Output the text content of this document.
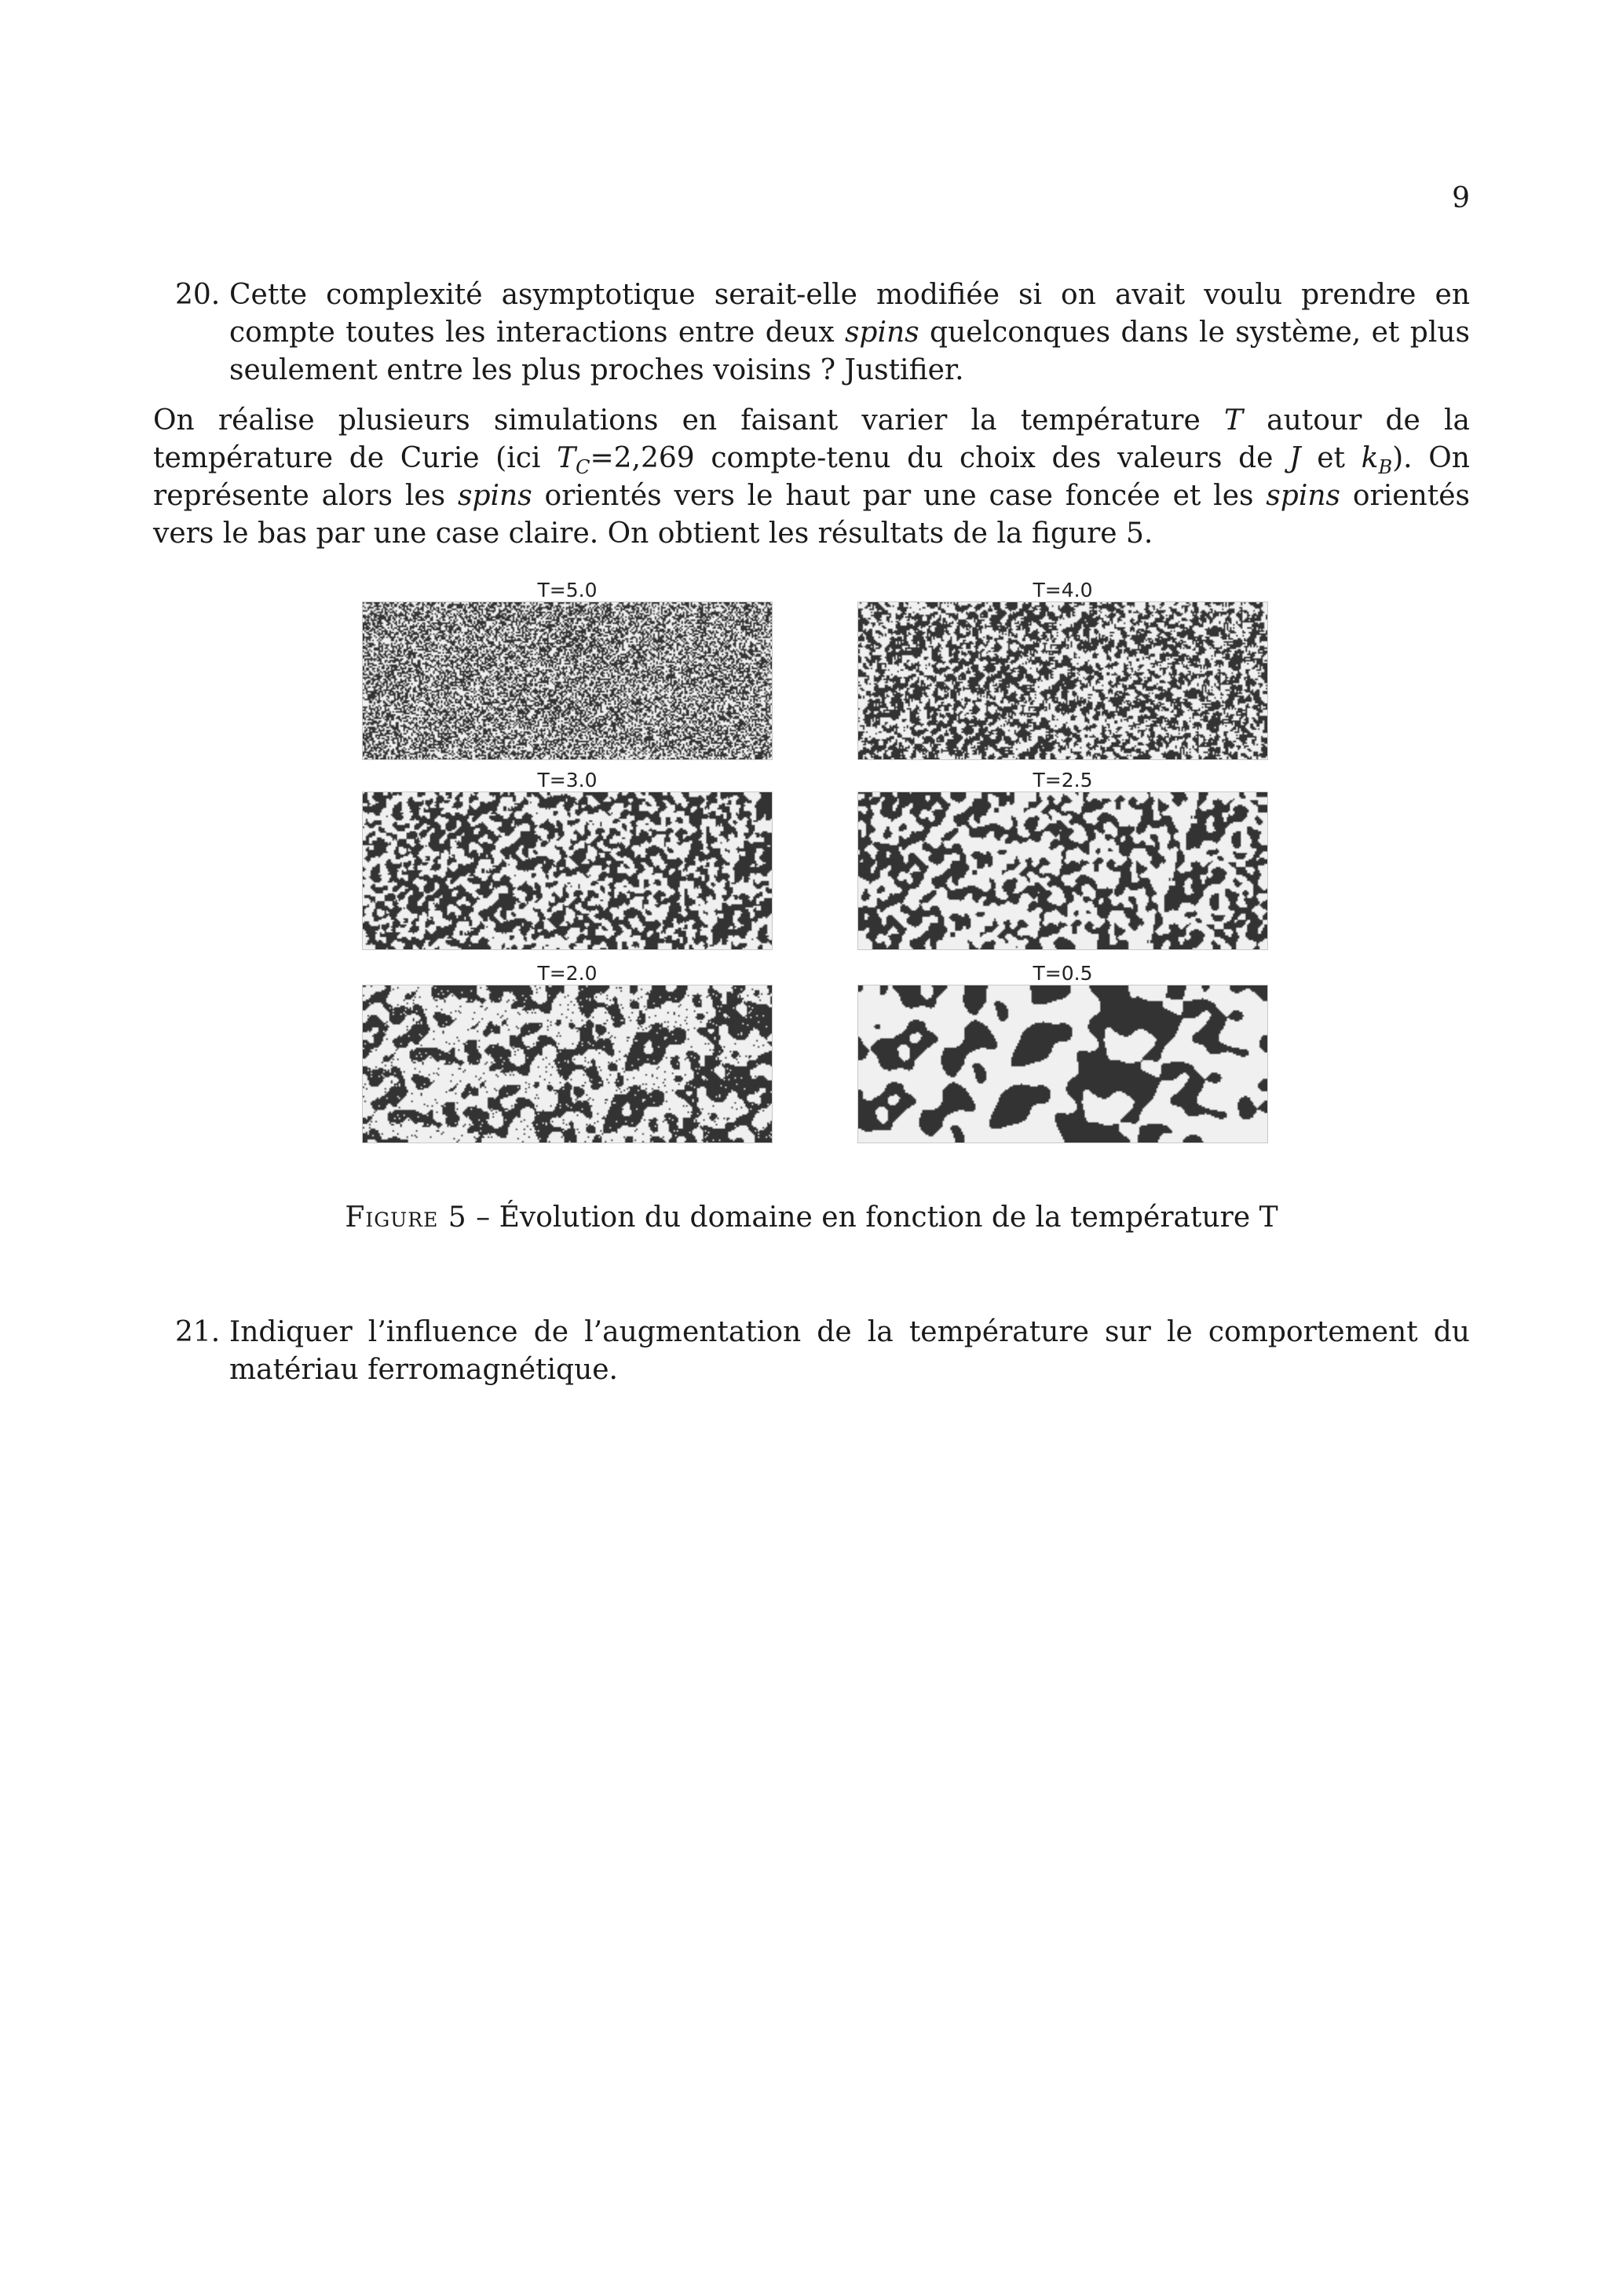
9
20. Cette complexité asymptotique serait-elle modifiée si on avait voulu prendre en compte toutes les interactions entre deux spins quelconques dans le système, et plus seulement entre les plus proches voisins ? Justifier.
On réalise plusieurs simulations en faisant varier la température T autour de la température de Curie (ici $T_C=2,269$ compte-tenu du choix des valeurs de J et $k_B$). On représente alors les spins orientés vers le haut par une case foncée et les spins orientés vers le bas par une case claire. On obtient les résultats de la figure 5.
T=5.0	T=4.0
T=3.0	T=2.5
T=2.0	T=0.5
Figure 5 – Évolution du domaine en fonction de la température T
21. Indiquer l’influence de l’augmentation de la température sur le comportement du matériau ferromagnétique.
